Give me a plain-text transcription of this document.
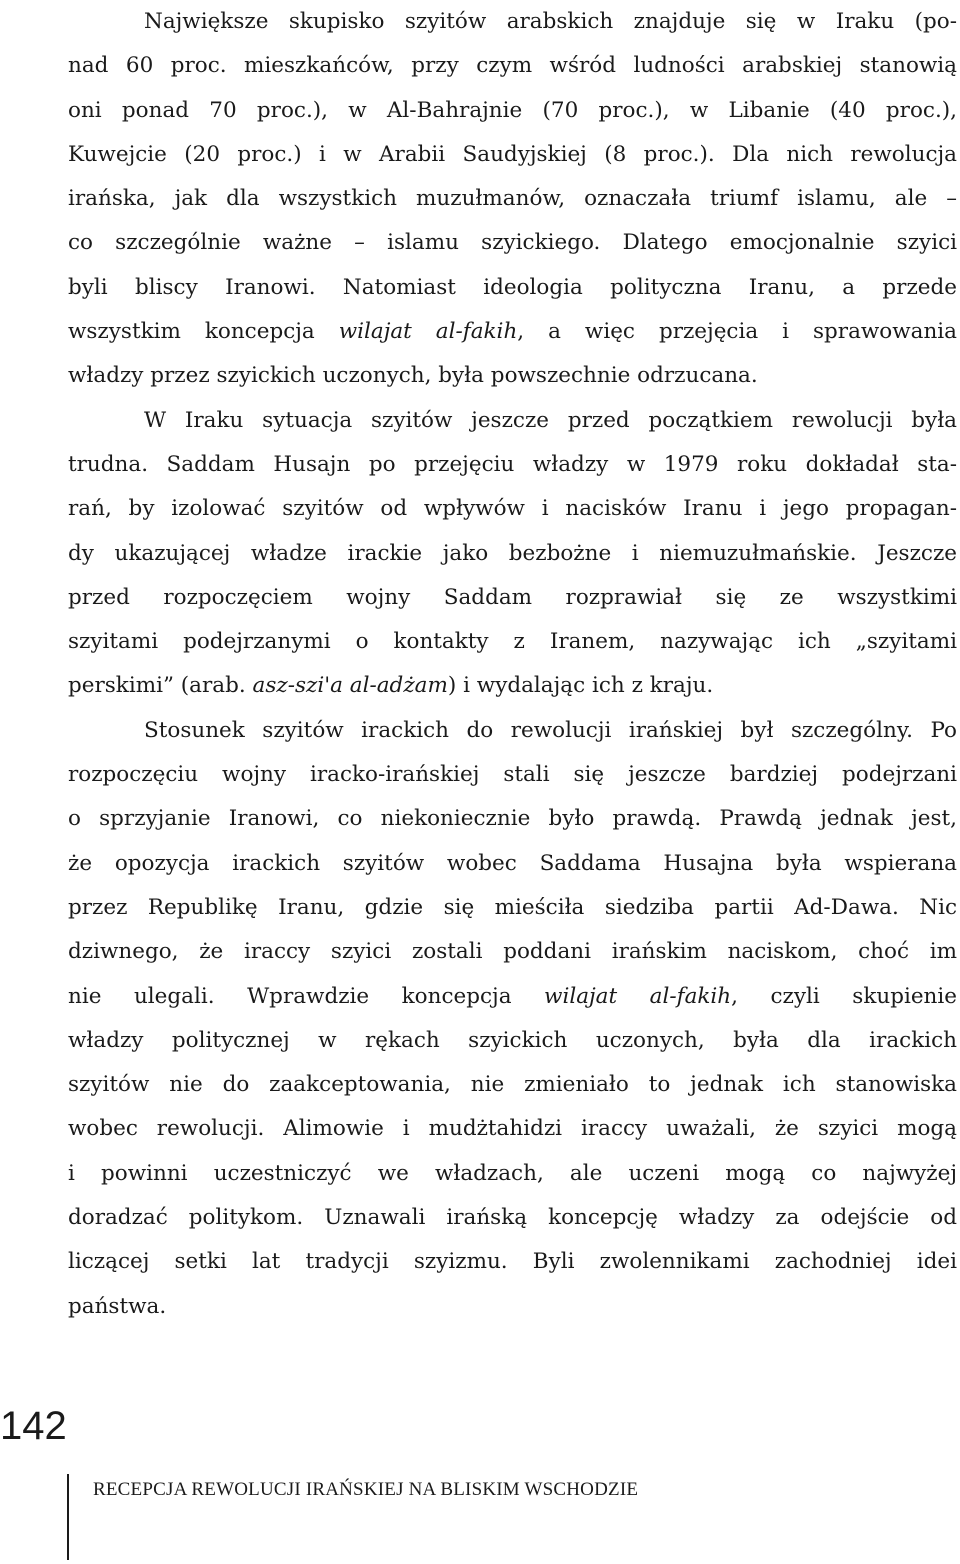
Największe skupisko szyitów arabskich znajduje się w Iraku (po-
nad 60 proc. mieszkańców, przy czym wśród ludności arabskiej stanowią
oni ponad 70 proc.), w Al-Bahrajnie (70 proc.), w Libanie (40 proc.),
Kuwejcie (20 proc.) i w Arabii Saudyjskiej (8 proc.). Dla nich rewolucja
irańska, jak dla wszystkich muzułmanów, oznaczała triumf islamu, ale –
co szczególnie ważne – islamu szyickiego. Dlatego emocjonalnie szyici
byli bliscy Iranowi. Natomiast ideologia polityczna Iranu, a przede
wszystkim koncepcja wilajat al-fakih, a więc przejęcia i sprawowania
władzy przez szyickich uczonych, była powszechnie odrzucana.
W Iraku sytuacja szyitów jeszcze przed początkiem rewolucji była
trudna. Saddam Husajn po przejęciu władzy w 1979 roku dokładał sta-
rań, by izolować szyitów od wpływów i nacisków Iranu i jego propagan-
dy ukazującej władze irackie jako bezbożne i niemuzułmańskie. Jeszcze
przed rozpoczęciem wojny Saddam rozprawiał się ze wszystkimi
szyitami podejrzanymi o kontakty z Iranem, nazywając ich „szyitami
perskimi” (arab. asz-szi'a al-adżam) i wydalając ich z kraju.
Stosunek szyitów irackich do rewolucji irańskiej był szczególny. Po
rozpoczęciu wojny iracko-irańskiej stali się jeszcze bardziej podejrzani
o sprzyjanie Iranowi, co niekoniecznie było prawdą. Prawdą jednak jest,
że opozycja irackich szyitów wobec Saddama Husajna była wspierana
przez Republikę Iranu, gdzie się mieściła siedziba partii Ad-Dawa. Nic
dziwnego, że iraccy szyici zostali poddani irańskim naciskom, choć im
nie ulegali. Wprawdzie koncepcja wilajat al-fakih, czyli skupienie
władzy politycznej w rękach szyickich uczonych, była dla irackich
szyitów nie do zaakceptowania, nie zmieniało to jednak ich stanowiska
wobec rewolucji. Alimowie i mudżtahidzi iraccy uważali, że szyici mogą
i powinni uczestniczyć we władzach, ale uczeni mogą co najwyżej
doradzać politykom. Uznawali irańską koncepcję władzy za odejście od
liczącej setki lat tradycji szyizmu. Byli zwolennikami zachodniej idei
państwa.
142
RECEPCJA REWOLUCJI IRAŃSKIEJ NA BLISKIM WSCHODZIE
